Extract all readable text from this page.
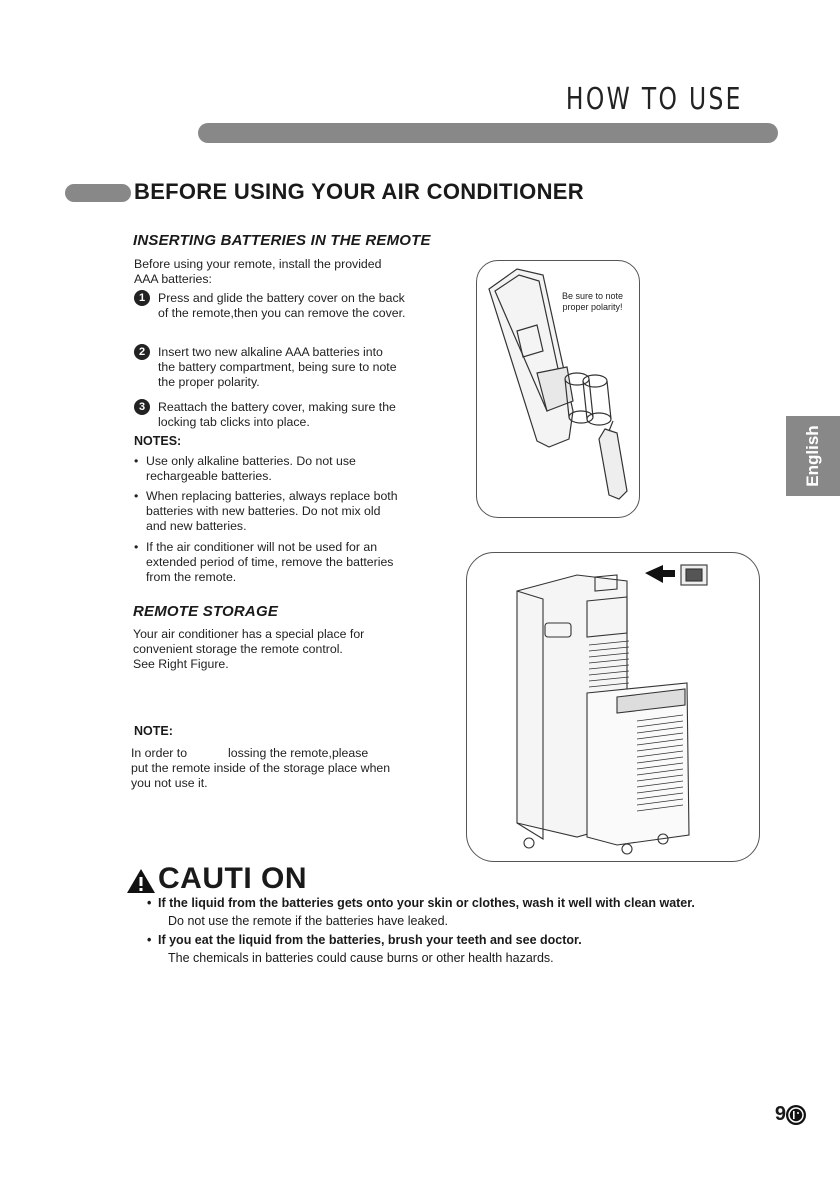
HOW TO USE
BEFORE USING YOUR AIR CONDITIONER
INSERTING BATTERIES IN THE REMOTE
Before using your remote, install the provided
AAA batteries:
1	Press and glide the battery cover on the back
of the remote,then you can remove the cover.
2	Insert two new alkaline AAA batteries into
the battery compartment, being sure to note
the proper polarity.
3	Reattach the battery cover, making sure the
locking tab clicks into place.
NOTES:
• Use only alkaline batteries. Do not use
rechargeable batteries.
• When replacing batteries, always replace both
batteries with new batteries. Do not mix old
and new batteries.
• If the air conditioner will not be used for an
extended period of time, remove the batteries
from the remote.
REMOTE STORAGE
Your air conditioner has a special place for
convenient storage the remote control.
See Right Figure.
NOTE:
In order to            lossing the remote,please
put the remote inside of the storage place when
you not use it.
Be sure to note
proper polarity!
English
CAUTI ON
• If the liquid from the batteries gets onto your skin or clothes, wash it well with clean water.
Do not use the remote if the batteries have leaked.
• If you eat the liquid from the batteries, brush your teeth and see doctor.
The chemicals in batteries could cause burns or other health hazards.
9
